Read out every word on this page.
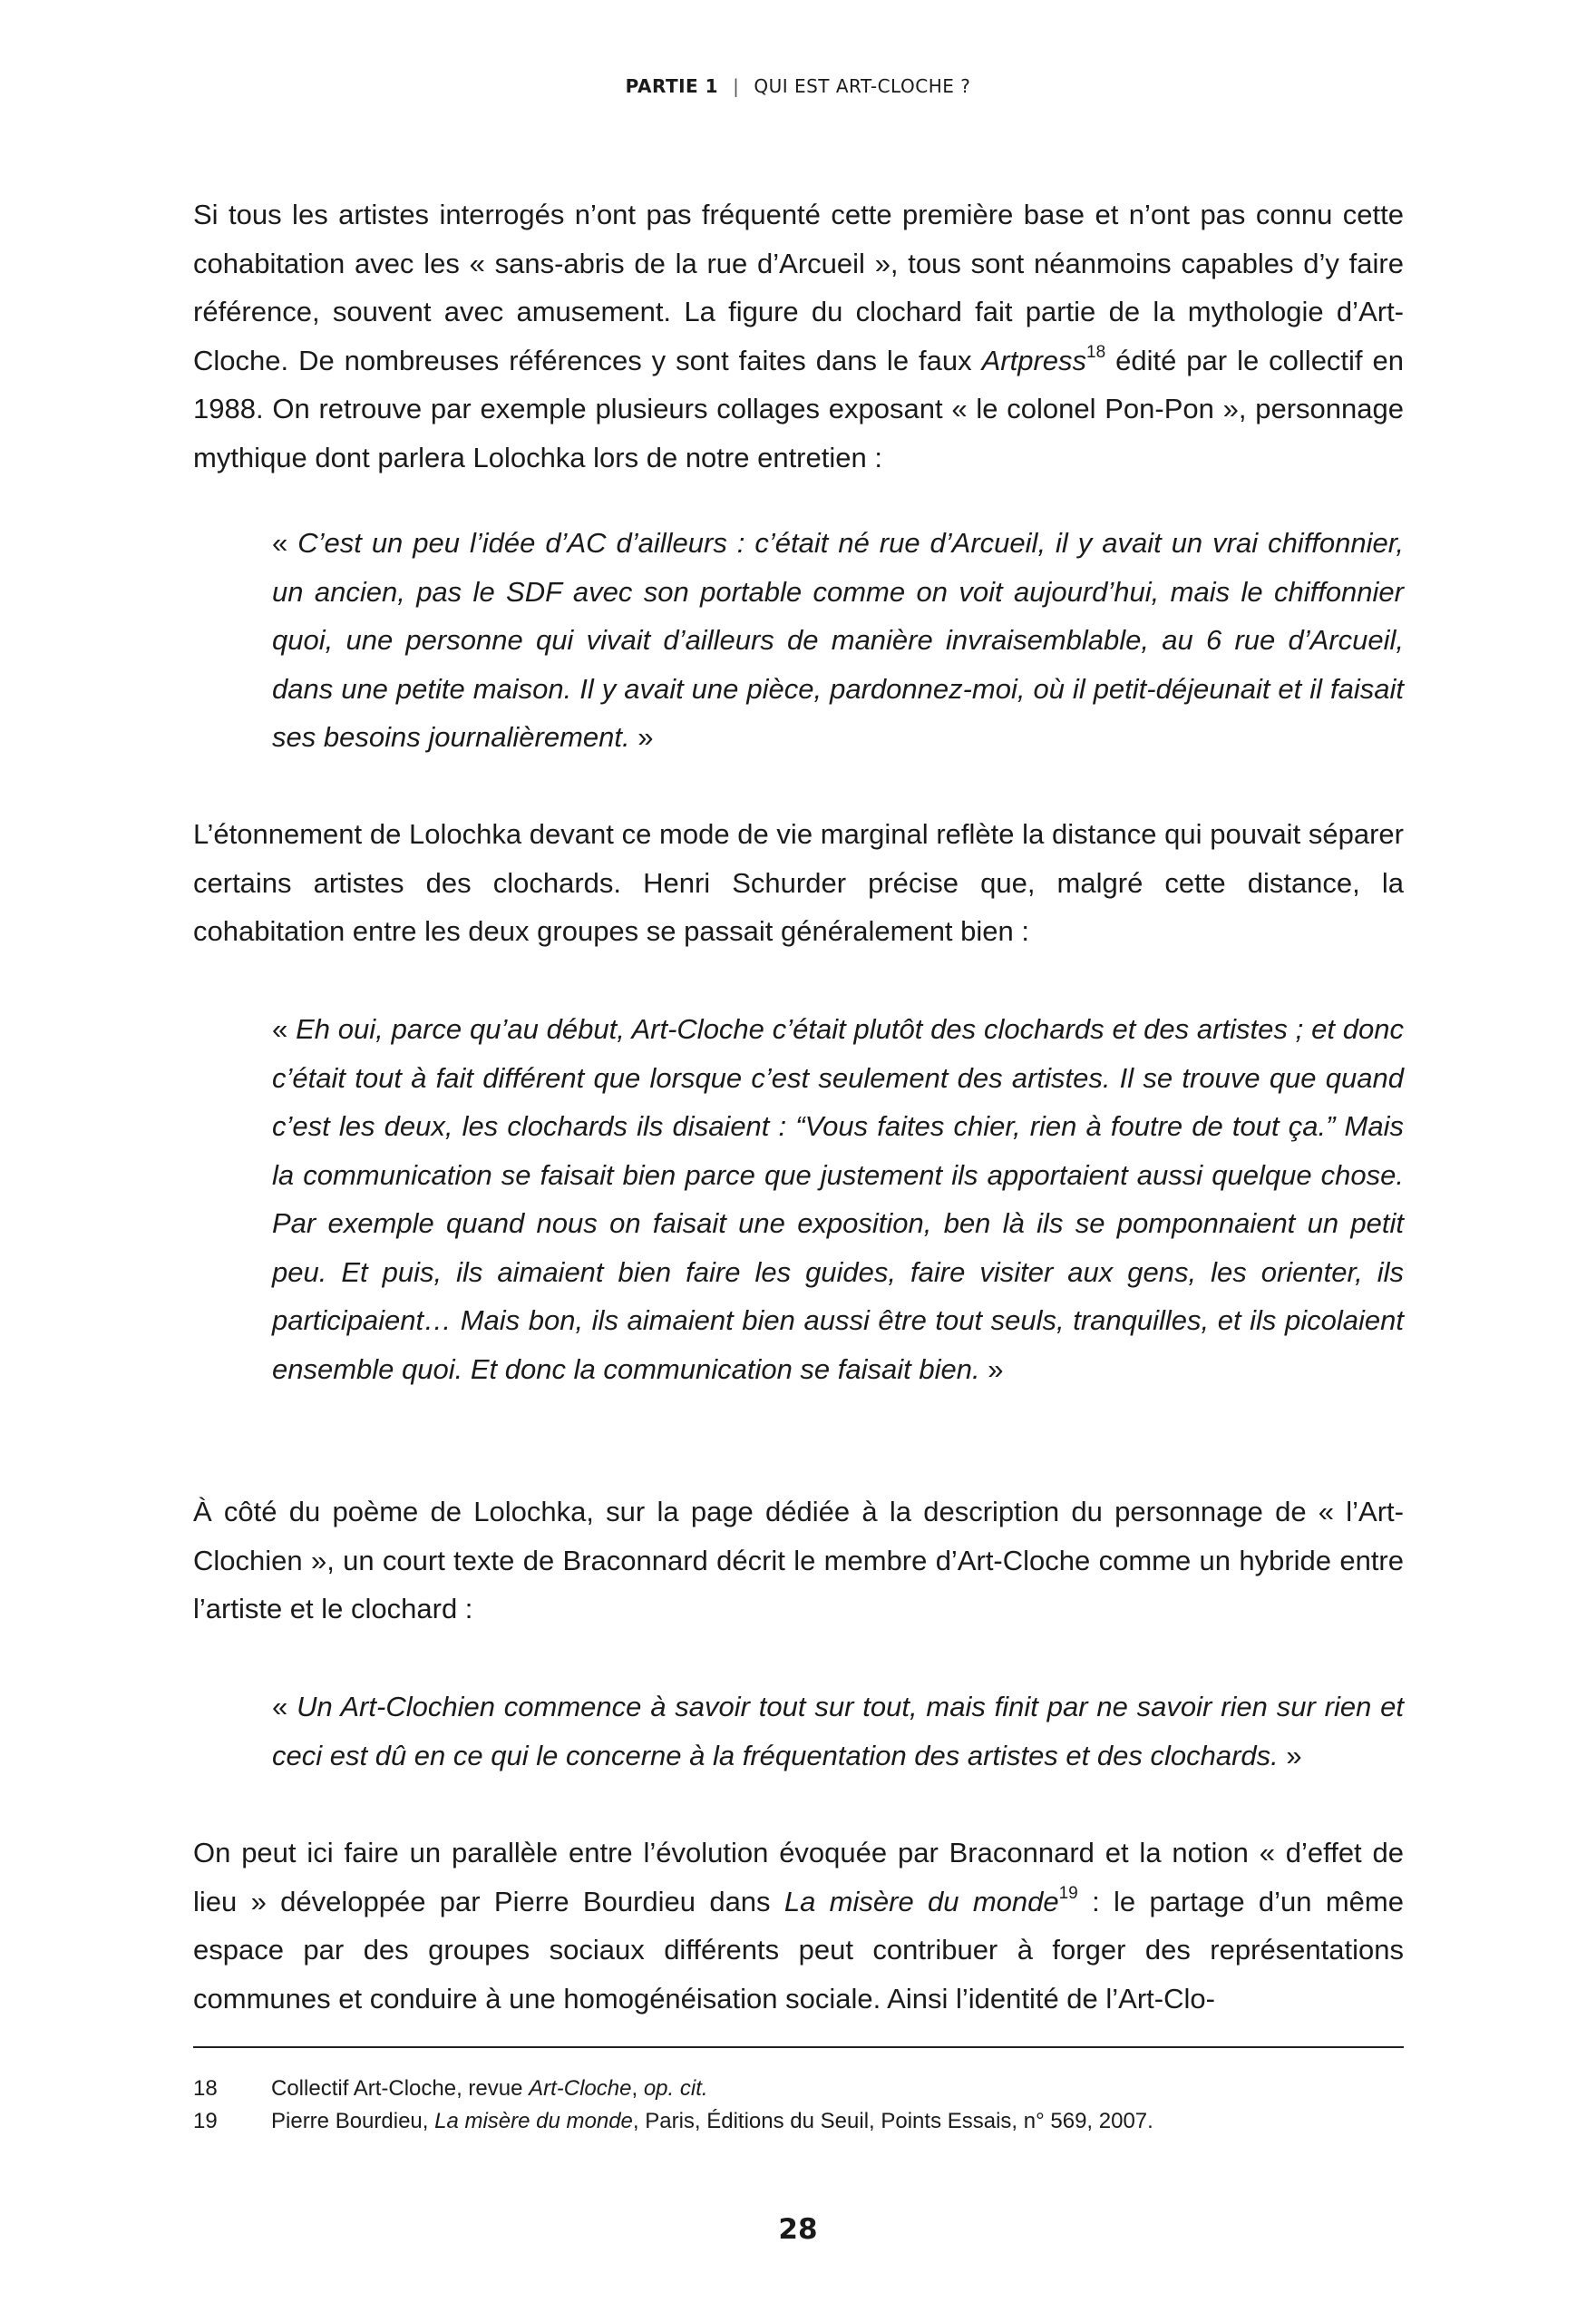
PARTIE 1 | QUI EST ART-CLOCHE ?

Si tous les artistes interrogés n’ont pas fréquenté cette première base et n’ont pas connu cette cohabitation avec les « sans-abris de la rue d’Arcueil », tous sont néanmoins capables d’y faire référence, souvent avec amusement. La figure du clochard fait partie de la mythologie d’Art-Cloche. De nombreuses références y sont faites dans le faux Artpress$^{18}$ édité par le collectif en 1988. On retrouve par exemple plusieurs collages exposant « le colonel Pon-Pon », personnage mythique dont parlera Lolochka lors de notre entretien :

« C’est un peu l’idée d’AC d’ailleurs : c’était né rue d’Arcueil, il y avait un vrai chiffonnier, un ancien, pas le SDF avec son portable comme on voit aujourd’hui, mais le chiffonnier quoi, une personne qui vivait d’ailleurs de manière invraisemblable, au 6 rue d’Arcueil, dans une petite maison. Il y avait une pièce, pardonnez-moi, où il petit-déjeunait et il faisait ses besoins journalièrement. »

L’étonnement de Lolochka devant ce mode de vie marginal reflète la distance qui pouvait séparer certains artistes des clochards. Henri Schurder précise que, malgré cette distance, la cohabitation entre les deux groupes se passait généralement bien :

« Eh oui, parce qu’au début, Art-Cloche c’était plutôt des clochards et des artistes ; et donc c’était tout à fait différent que lorsque c’est seulement des artistes. Il se trouve que quand c’est les deux, les clochards ils disaient : “Vous faites chier, rien à foutre de tout ça.” Mais la communication se faisait bien parce que justement ils apportaient aussi quelque chose. Par exemple quand nous on faisait une exposition, ben là ils se pomponnaient un petit peu. Et puis, ils aimaient bien faire les guides, faire visiter aux gens, les orienter, ils participaient… Mais bon, ils aimaient bien aussi être tout seuls, tranquilles, et ils picolaient ensemble quoi. Et donc la communication se faisait bien. »

À côté du poème de Lolochka, sur la page dédiée à la description du personnage de « l’Art-Clochien », un court texte de Braconnard décrit le membre d’Art-Cloche comme un hybride entre l’artiste et le clochard :

« Un Art-Clochien commence à savoir tout sur tout, mais finit par ne savoir rien sur rien et ceci est dû en ce qui le concerne à la fréquentation des artistes et des clochards. »

On peut ici faire un parallèle entre l’évolution évoquée par Braconnard et la notion « d’effet de lieu » développée par Pierre Bourdieu dans La misère du monde$^{19}$ : le partage d’un même espace par des groupes sociaux différents peut contribuer à forger des représentations communes et conduire à une homogénéisation sociale. Ainsi l’identité de l’Art-Clo-

18	Collectif Art-Cloche, revue Art-Cloche, op. cit.
19	Pierre Bourdieu, La misère du monde, Paris, Éditions du Seuil, Points Essais, n° 569, 2007.
28
